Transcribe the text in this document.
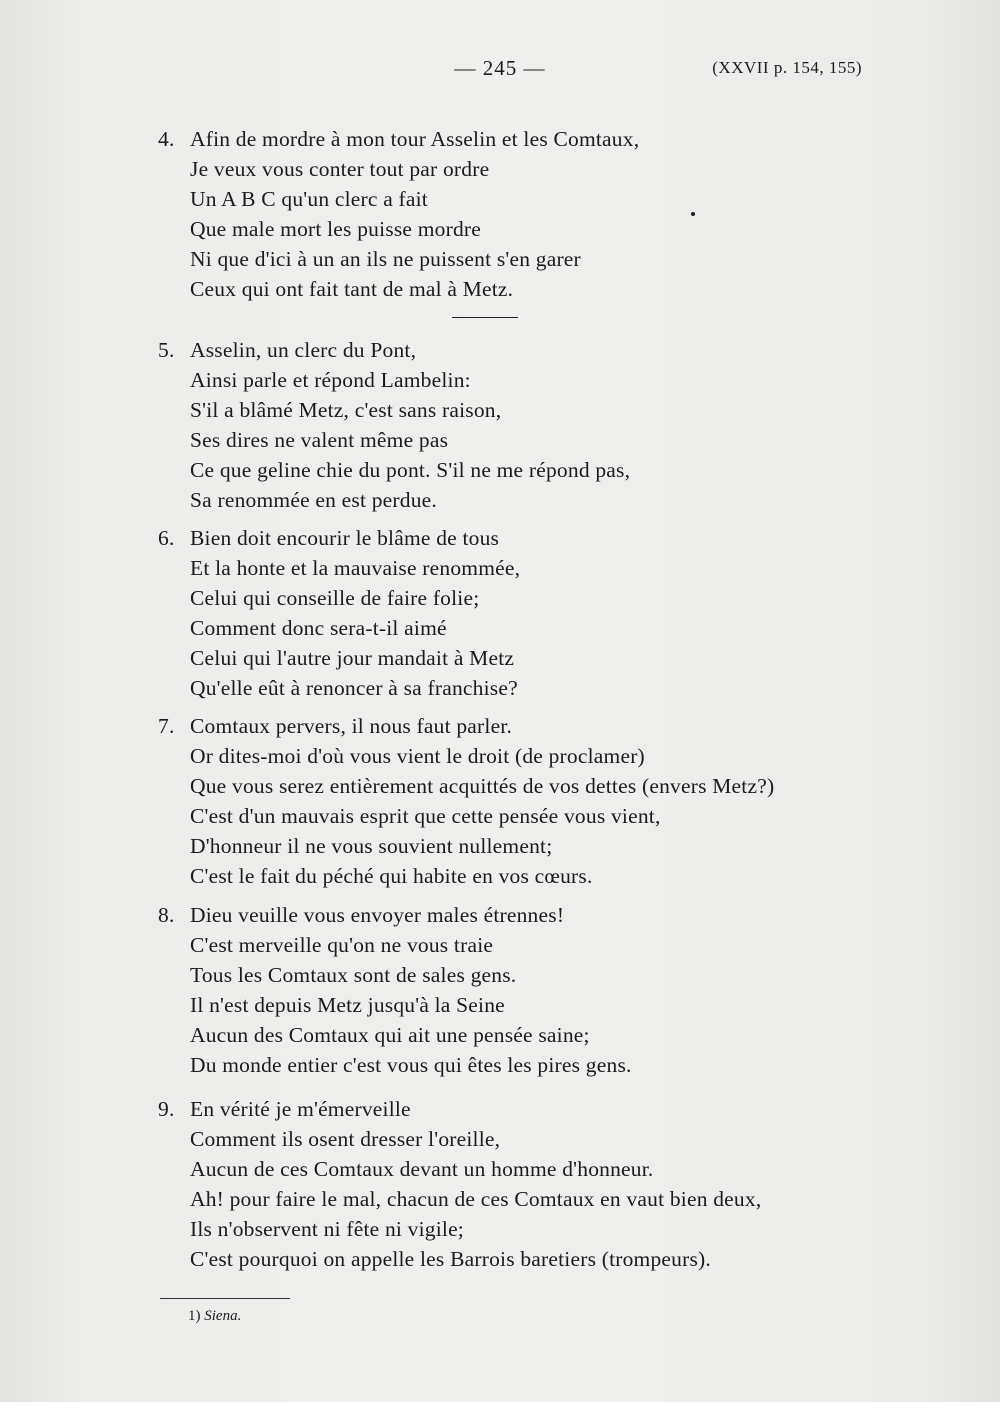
— 245 —	(XXVII p. 154, 155)
4. Afin de mordre à mon tour Asselin et les Comtaux,
Je veux vous conter tout par ordre
Un A B C qu'un clerc a fait
Que male mort les puisse mordre
Ni que d'ici à un an ils ne puissent s'en garer
Ceux qui ont fait tant de mal à Metz.
5. Asselin, un clerc du Pont,
Ainsi parle et répond Lambelin:
S'il a blâmé Metz, c'est sans raison,
Ses dires ne valent même pas
Ce que geline chie du pont. S'il ne me répond pas,
Sa renommée en est perdue.
6. Bien doit encourir le blâme de tous
Et la honte et la mauvaise renommée,
Celui qui conseille de faire folie;
Comment donc sera-t-il aimé
Celui qui l'autre jour mandait à Metz
Qu'elle eût à renoncer à sa franchise?
7. Comtaux pervers, il nous faut parler.
Or dites-moi d'où vous vient le droit (de proclamer)
Que vous serez entièrement acquittés de vos dettes (envers Metz?)
C'est d'un mauvais esprit que cette pensée vous vient,
D'honneur il ne vous souvient nullement;
C'est le fait du péché qui habite en vos cœurs.
8. Dieu veuille vous envoyer males étrennes!
C'est merveille qu'on ne vous traie
Tous les Comtaux sont de sales gens.
Il n'est depuis Metz jusqu'à la Seine
Aucun des Comtaux qui ait une pensée saine;
Du monde entier c'est vous qui êtes les pires gens.
9. En vérité je m'émerveille
Comment ils osent dresser l'oreille,
Aucun de ces Comtaux devant un homme d'honneur.
Ah! pour faire le mal, chacun de ces Comtaux en vaut bien deux,
Ils n'observent ni fête ni vigile;
C'est pourquoi on appelle les Barrois baretiers (trompeurs).
1) Siena.
